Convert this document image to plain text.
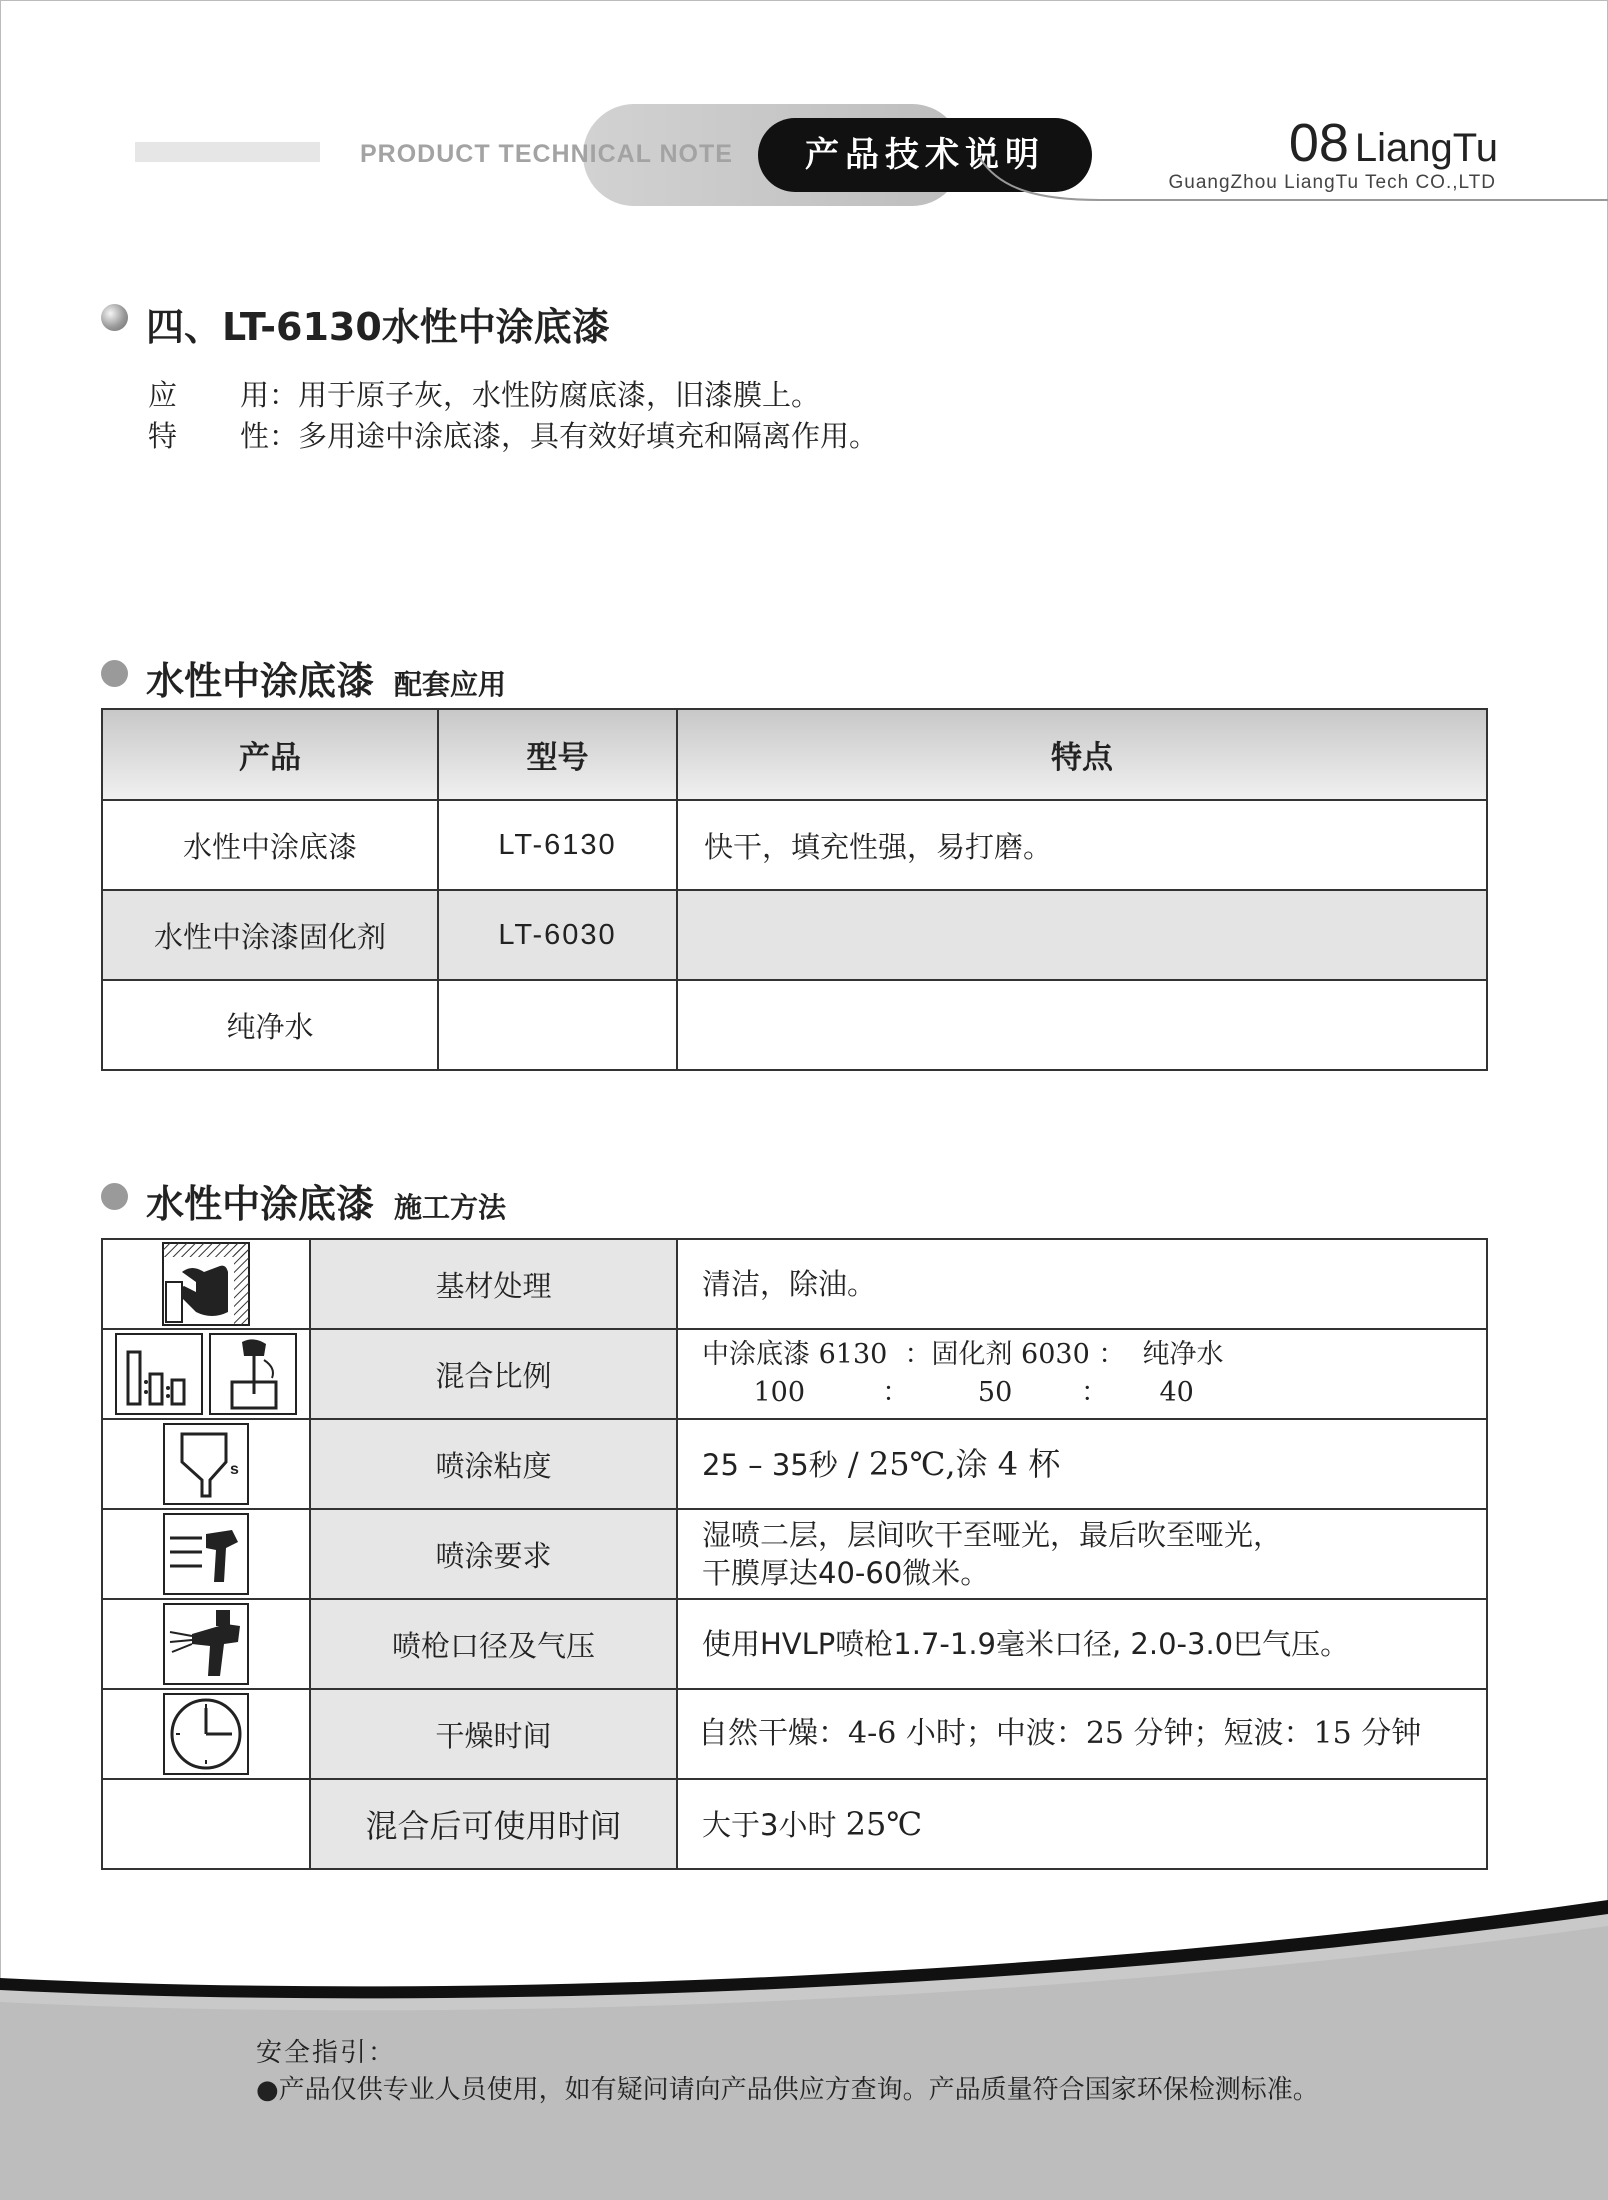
PRODUCT TECHNICAL NOTE	产品技术说明	08 LiangTu
GuangZhou LiangTu Tech CO.,LTD
四、LT-6130水性中涂底漆
应 用：用于原子灰，水性防腐底漆，旧漆膜上。
特 性：多用途中涂底漆，具有效好填充和隔离作用。
水性中涂底漆 配套应用
产品	型号	特点
水性中涂底漆	LT-6130	快干，填充性强，易打磨。
水性中涂漆固化剂	LT-6030	
纯净水		
水性中涂底漆 施工方法
	基材处理	清洁，除油。
	混合比例	中涂底漆 6130  ：固化剂 6030 ：  纯净水
100         ：        50        ：      40

s	喷涂粘度	25 – 35秒 / 25℃,涂 4 杯
	喷涂要求	湿喷二层，层间吹干至哑光，最后吹至哑光，
干膜厚达40-60微米。

	喷枪口径及气压	使用HVLP喷枪1.7-1.9毫米口径, 2.0-3.0巴气压。
	干燥时间	自然干燥：4-6 小时；中波：25 分钟；短波：15 分钟
	混合后可使用时间	大于3小时 25℃
安全指引：
●产品仅供专业人员使用，如有疑问请向产品供应方查询。产品质量符合国家环保检测标准。
